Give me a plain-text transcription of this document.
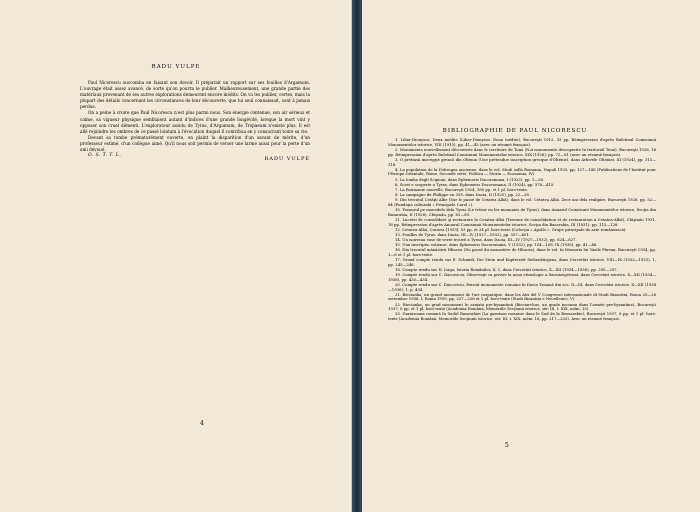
RADU VULPE

Paul Nicorescu succomba en faisant son devoir. Il préparait un rapport sur ses fouilles d'Argamum. L'ouvrage était assez avancé, de sorte qu'on pourra le publier. Malheureusement, une grande partie des matériaux provenant de ses autres explorations demeurent encore inédits. On va les publier, certes, mais la plupart des détails concernant les circonstances de leur découverte, que lui seul connaissait, sont à jamais perdus.

On a peine à croire que Paul Nicorescu n'est plus parmi nous. Son énergie contenue, son air sérieux et calme, sa vigueur physique semblaient autant d'indices d'une grande longévité, lorsque la mort vint y opposer son cruel démenti. L'explorateur assidu de Tyras, d'Argamum, de Tropaeum n'existe plus. Il est allé rejoindre les ombres de ce passé lointain à l'évocation duquel il contribua en y consacrant toute sa vie.

Devant sa tombe prématurément ouverte, on plaint la disparition d'un savant de mérite, d'un professeur estimé, d'un collègue aimé. Qu'il nous soit permis de verser une larme aussi pour la perte d'un ami dévoué.

O. S. T. T. L.
RADU VULPE
4
BIBLIOGRAPHIE DE PAUL NICORESCU
1. Liber-Dionysos. Deux inédits (Liber-Dionysos. Doua inédite), Bucureşti 1915, 33 pp. Réimpression d'après Buletinul Comisiunii Monumentelor istorice, VIII (1915), pp. 41—45 (avec un résumé français).
2. Monuments nouvellement découverts dans le territoire de Tomi (Noi monumente descoperite în teritoriul Tomi), Bucureşti 1926, 16 pp. Réimpression d'après Buletinul Comisiunii Monumentelor istorice, XIX (1926), pp. 71—81 (avec un résumé français).
3. O pretinsă inscripţie greacă din Oltenia (Une prétendue inscription grecque d'Olténie), dans Arhivele Olteniei, III (1924), pp. 315—316.
4. La population de la Dobrogea ancienne, dans le vol. Studi sulla Romania, Napoli 1925, pp. 127—146 (Publications de l'Institut pour l'Europe Orientale, Rome, Seconde série, Politica — Storia — Economia, IV).
5. La tomba degli Scipioni, dans Ephemeris Dacoromana, I (1923), pp. 1—56.
6. Scavi e scoperte a Tyras, dans Ephemeris Dacoromana, II (1924), pp. 378—415.
7. La Roumanie nouvelle, Bucureşti 1924, 180 pp. et 1 pl. hors-texte.
8. La campagne de Philippe en 339, dans Dacia, II (1925), pp. 22—28.
9. Din trecutul Cetăţii Albe (Sur le passé de Cetatea Albă), dans le vol. Cetatea Albă. Zece ani dela realipire, Bucureşti 1928, pp. 52—64 (Fundaţia culturală « Principele Carol »).
10. Tezaurul pe monedele dela Tyras (Le trésor en les monnaies de Tyras), dans Anuarul Comisiunii Monumentelor istorice, Secţia din Basarabia, II (1928), Chişinău, pp. 81—89.
11. Lucrări de consolidare şi restaurare la Cetatea-Albă (Travaux de consolidation et de restauration à Cetatea-Albă), Chişinău 1931, 16 pp. Réimpression d'après Anuarul Comisiunii Monumentelor istorice, Secţia din Basarabia, III (1931), pp. 115—128.
12. Cetatea-Albă, Craiova [1933], 53 pp. et 24 pl. hors-texte (Colecţia « Apollo », Grupe principale de arte românească).
13. Fouilles de Tyras, dans Dacia, III—IV (1927—1932), pp. 557—601.
14. Un nouveau vase de verre trouvé à Tyras, dans Dacia, III—IV (1927—1932), pp. 624—627.
15. Una inscriptio ostiense, dans Ephemeris Dacoromana, V (1932), pp. 104—108; IX (1938), pp. 41—46.
16. Din trecutul mănăstirii Hlincea (Du passé du monastère de Hlincea), dans le vol. In Memoria lui Vasile Pârvan, Bucureşti 1934, pp. 1—6 et 1 pl. hors-texte.
17. Grand compte rendu sur E. Schmidt, Die Stein und Kupferzeit Siebenbürgens, dans Cercetări istorice, VIII—IX (1932—1933), 1, pp. 245—246.
18. Compte rendu sur N. Iorga, Istoria Românilor, II, 1, dans Cercetări istorice, X—XII (1934—1936), pp. 295—297.
19. Compte rendu sur C. Daicoviciu, Observaţii cu privire la noua etimologie a Sarmizegetusei, dans Cercetări istorice, X—XII (1934—1936), pp. 433—434.
20. Compte rendu sur C. Daicoviciu, Extrait monumente romaine în Dacia Traiană din sec. II—III, dans Cercetări istorice, X—XII (1934—1936), 1, p. 434.
21. Biecianka, un grand monument de l'art carpatique, dans les Atti del V Congresso internazionale di Studi Bizantini, Roma 20—26 settembre 1936, I, Roma 1939, pp. 227—228 et 1 pl. hors-texte (Studi Bizantini e Neoellenici, V).
22. Biecianka, un grad monument în armata pre-bynantină (Bieciarchus, un grade inconnu dans l'armée pre-byzantine), Bucureşti 1937, 8 pp. et 1 pl. hors-texte (Academia Română, Memoriile Secţiunii istorice, sér. III, t. XIX, mém. 15).
23. Garnizoana romană în Sudul Basarabiei (La garnison romaine dans le Sud de la Bessarabie), Bucureşti 1937, 8 pp. et 1 pl. hors-texte (Academia Română, Memoriile Secţiunii istorice, sér. III, t. XIX, mém. 16, pp. 217—225). Avec un résumé français.
5
